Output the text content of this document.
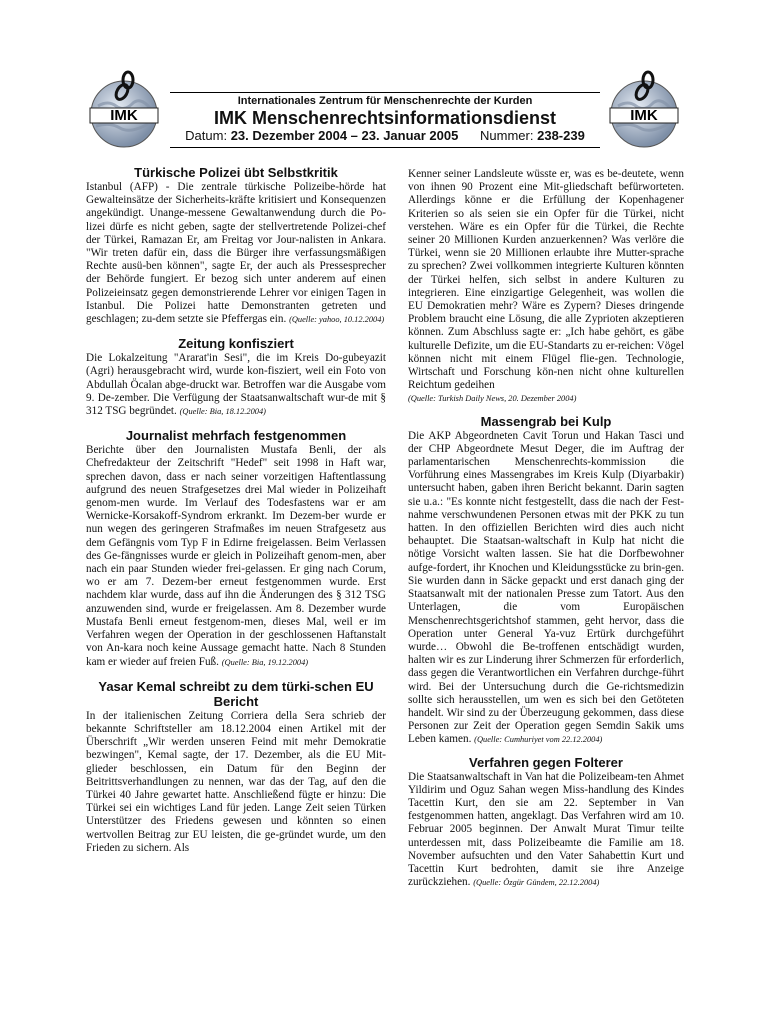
IMK	IMK
Internationales Zentrum für Menschenrechte der Kurden
IMK Menschenrechtsinformationsdienst
Datum: 23. Dezember 2004 – 23. Januar 2005 Nummer: 238-239
Türkische Polizei übt Selbstkritik

Istanbul (AFP) - Die zentrale türkische Polizeibe-hörde hat Gewalteinsätze der Sicherheits-kräfte kritisiert und Konsequenzen angekündigt. Unange-messene Gewaltanwendung durch die Po-lizei dürfe es nicht geben, sagte der stellvertretende Polizei-chef der Türkei, Ramazan Er, am Freitag vor Jour-nalisten in Ankara. "Wir treten dafür ein, dass die Bürger ihre verfassungsmäßigen Rechte ausü-ben können", sagte Er, der auch als Pressesprecher der Behörde fungiert. Er bezog sich unter anderem auf einen Polizeieinsatz gegen demonstrierende Lehrer vor einigen Tagen in Istanbul. Die Polizei hatte Demonstranten getreten und geschlagen; zu-dem setzte sie Pfeffergas ein. (Quelle: yahoo, 10.12.2004)

Zeitung konfisziert

Die Lokalzeitung "Ararat'in Sesi", die im Kreis Do-gubeyazit (Agri) herausgebracht wird, wurde kon-fisziert, weil ein Foto von Abdullah Öcalan abge-druckt war. Betroffen war die Ausgabe vom 9. De-zember. Die Verfügung der Staatsanwaltschaft wur-de mit § 312 TSG begründet. (Quelle: Bia, 18.12.2004)

Journalist mehrfach festgenommen

Berichte über den Journalisten Mustafa Benli, der als Chefredakteur der Zeitschrift "Hedef" seit 1998 in Haft war, sprechen davon, dass er nach seiner vorzeitigen Haftentlassung aufgrund des neuen Strafgesetzes drei Mal wieder in Polizeihaft genom-men wurde. Im Verlauf des Todesfastens war er am Wernicke-Korsakoff-Syndrom erkrankt. Im Dezem-ber wurde er nun wegen des geringeren Strafmaßes im neuen Strafgesetz aus dem Gefängnis vom Typ F in Edirne freigelassen. Beim Verlassen des Ge-fängnisses wurde er gleich in Polizeihaft genom-men, aber nach ein paar Stunden wieder frei-gelassen. Er ging nach Corum, wo er am 7. Dezem-ber erneut festgenommen wurde. Erst nachdem klar wurde, dass auf ihn die Änderungen des § 312 TSG anzuwenden sind, wurde er freigelassen. Am 8. Dezember wurde Mustafa Benli erneut festgenom-men, dieses Mal, weil er im Verfahren wegen der Operation in der geschlossenen Haftanstalt von An-kara noch keine Aussage gemacht hatte. Nach 8 Stunden kam er wieder auf freien Fuß. (Quelle: Bia, 19.12.2004)

Yasar Kemal schreibt zu dem türki-schen EU Bericht

In der italienischen Zeitung Corriera della Sera schrieb der bekannte Schriftsteller am 18.12.2004 einen Artikel mit der Überschrift „Wir werden unseren Feind mit mehr Demokratie bezwingen", Kemal sagte, der 17. Dezember, als die EU Mit-glieder beschlossen, ein Datum für den Beginn der Beitrittsverhandlungen zu nennen, war das der Tag, auf den die Türkei 40 Jahre gewartet hatte. Anschließend fügte er hinzu: Die Türkei sei ein wichtiges Land für jeden. Lange Zeit seien Türken Unterstützer des Friedens gewesen und könnten so einen wertvollen Beitrag zur EU leisten, die ge-gründet wurde, um den Frieden zu sichern. Als

Kenner seiner Landsleute wüsste er, was es be-deutete, wenn von ihnen 90 Prozent eine Mit-gliedschaft befürworteten. Allerdings könne er die Erfüllung der Kopenhagener Kriterien so als seien sie ein Opfer für die Türkei, nicht verstehen. Wäre es ein Opfer für die Türkei, die Rechte seiner 20 Millionen Kurden anzuerkennen? Was verlöre die Türkei, wenn sie 20 Millionen erlaubte ihre Mutter-sprache zu sprechen? Zwei vollkommen integrierte Kulturen könnten der Türkei helfen, sich selbst in andere Kulturen zu integrieren. Eine einzigartige Gelegenheit, was wollen die EU Demokratien mehr? Wäre es Zypern? Dieses dringende Problem braucht eine Lösung, die alle Zyprioten akzeptieren können. Zum Abschluss sagte er: „Ich habe gehört, es gäbe kulturelle Defizite, um die EU-Standarts zu er-reichen: Vögel können nicht mit einem Flügel flie-gen. Technologie, Wirtschaft und Forschung kön-nen nicht ohne kulturellen Reichtum gedeihen
(Quelle: Turkish Daily News, 20. Dezember 2004)

Massengrab bei Kulp

Die AKP Abgeordneten Cavit Torun und Hakan Tasci und der CHP Abgeordnete Mesut Deger, die im Auftrag der parlamentarischen Menschenrechts-kommission die Vorführung eines Massengrabes im Kreis Kulp (Diyarbakir) untersucht haben, gaben ihren Bericht bekannt. Darin sagten sie u.a.: "Es konnte nicht festgestellt, dass die nach der Fest-nahme verschwundenen Personen etwas mit der PKK zu tun hatten. In den offiziellen Berichten wird dies auch nicht behauptet. Die Staatsan-waltschaft in Kulp hat nicht die nötige Vorsicht walten lassen. Sie hat die Dorfbewohner aufge-fordert, ihr Knochen und Kleidungsstücke zu brin-gen. Sie wurden dann in Säcke gepackt und erst danach ging der Staatsanwalt mit der nationalen Presse zum Tatort. Aus den Unterlagen, die vom Europäischen Menschenrechtsgerichtshof stammen, geht hervor, dass die Operation unter General Ya-vuz Ertürk durchgeführt wurde… Obwohl die Be-troffenen entschädigt wurden, halten wir es zur Linderung ihrer Schmerzen für erforderlich, dass gegen die Verantwortlichen ein Verfahren durchge-führt wird. Bei der Untersuchung durch die Ge-richtsmedizin sollte sich herausstellen, um wen es sich bei den Getöteten handelt. Wir sind zu der Überzeugung gekommen, dass diese Personen zur Zeit der Operation gegen Semdin Sakik ums Leben kamen. (Quelle: Cumhuriyet vom 22.12.2004)

Verfahren gegen Folterer

Die Staatsanwaltschaft in Van hat die Polizeibeam-ten Ahmet Yildirim und Oguz Sahan wegen Miss-handlung des Kindes Tacettin Kurt, den sie am 22. September in Van festgenommen hatten, angeklagt. Das Verfahren wird am 10. Februar 2005 beginnen. Der Anwalt Murat Timur teilte unterdessen mit, dass Polizeibeamte die Familie am 18. November aufsuchten und den Vater Sahabettin Kurt und Tacettin Kurt bedrohten, damit sie ihre Anzeige zurückziehen. (Quelle: Özgür Gündem, 22.12.2004)
